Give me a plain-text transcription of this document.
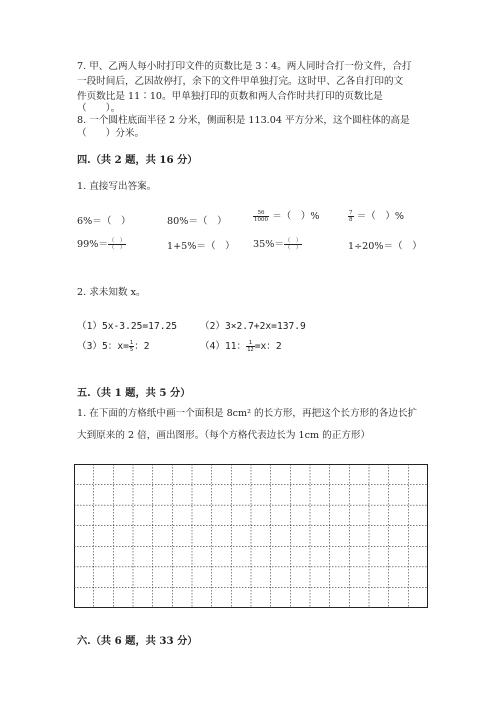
7. 甲、乙两人每小时打印文件的页数比是 3∶4。两人同时合打一份文件，合打
一段时间后，乙因故停打，余下的文件甲单独打完。这时甲、乙各自打印的文
件页数比是 11∶10。甲单独打印的页数和两人合作时共打印的页数比是
（　　）。
8. 一个圆柱底面半径 2 分米，侧面积是 113.04 平方分米，这个圆柱体的高是
（　　）分米。
四.（共 2 题，共 16 分）
1. 直接写出答案。
6%＝（　）	80%＝（　）	$\frac{56}{1000}$ ＝（　）%	$\frac{7}{8}$ ＝（　）%
$99\%= \frac{( )}{( )}$	1+5%＝（　） $35\%= \frac{( )}{( )}$	1÷20%＝（　）
2. 求未知数 x。
（1）5x-3.25=17.25 （2）3×2.7+2x=137.9
（3）5：$x= \frac{1}{5}$ ：2	（4）11： $\frac{1}{12} =x$：2
五.（共 1 题，共 5 分）
1. 在下面的方格纸中画一个面积是 8cm² 的长方形，再把这个长方形的各边长扩
大到原来的 2 倍，画出图形。（每个方格代表边长为 1cm 的正方形）
六.（共 6 题，共 33 分）
